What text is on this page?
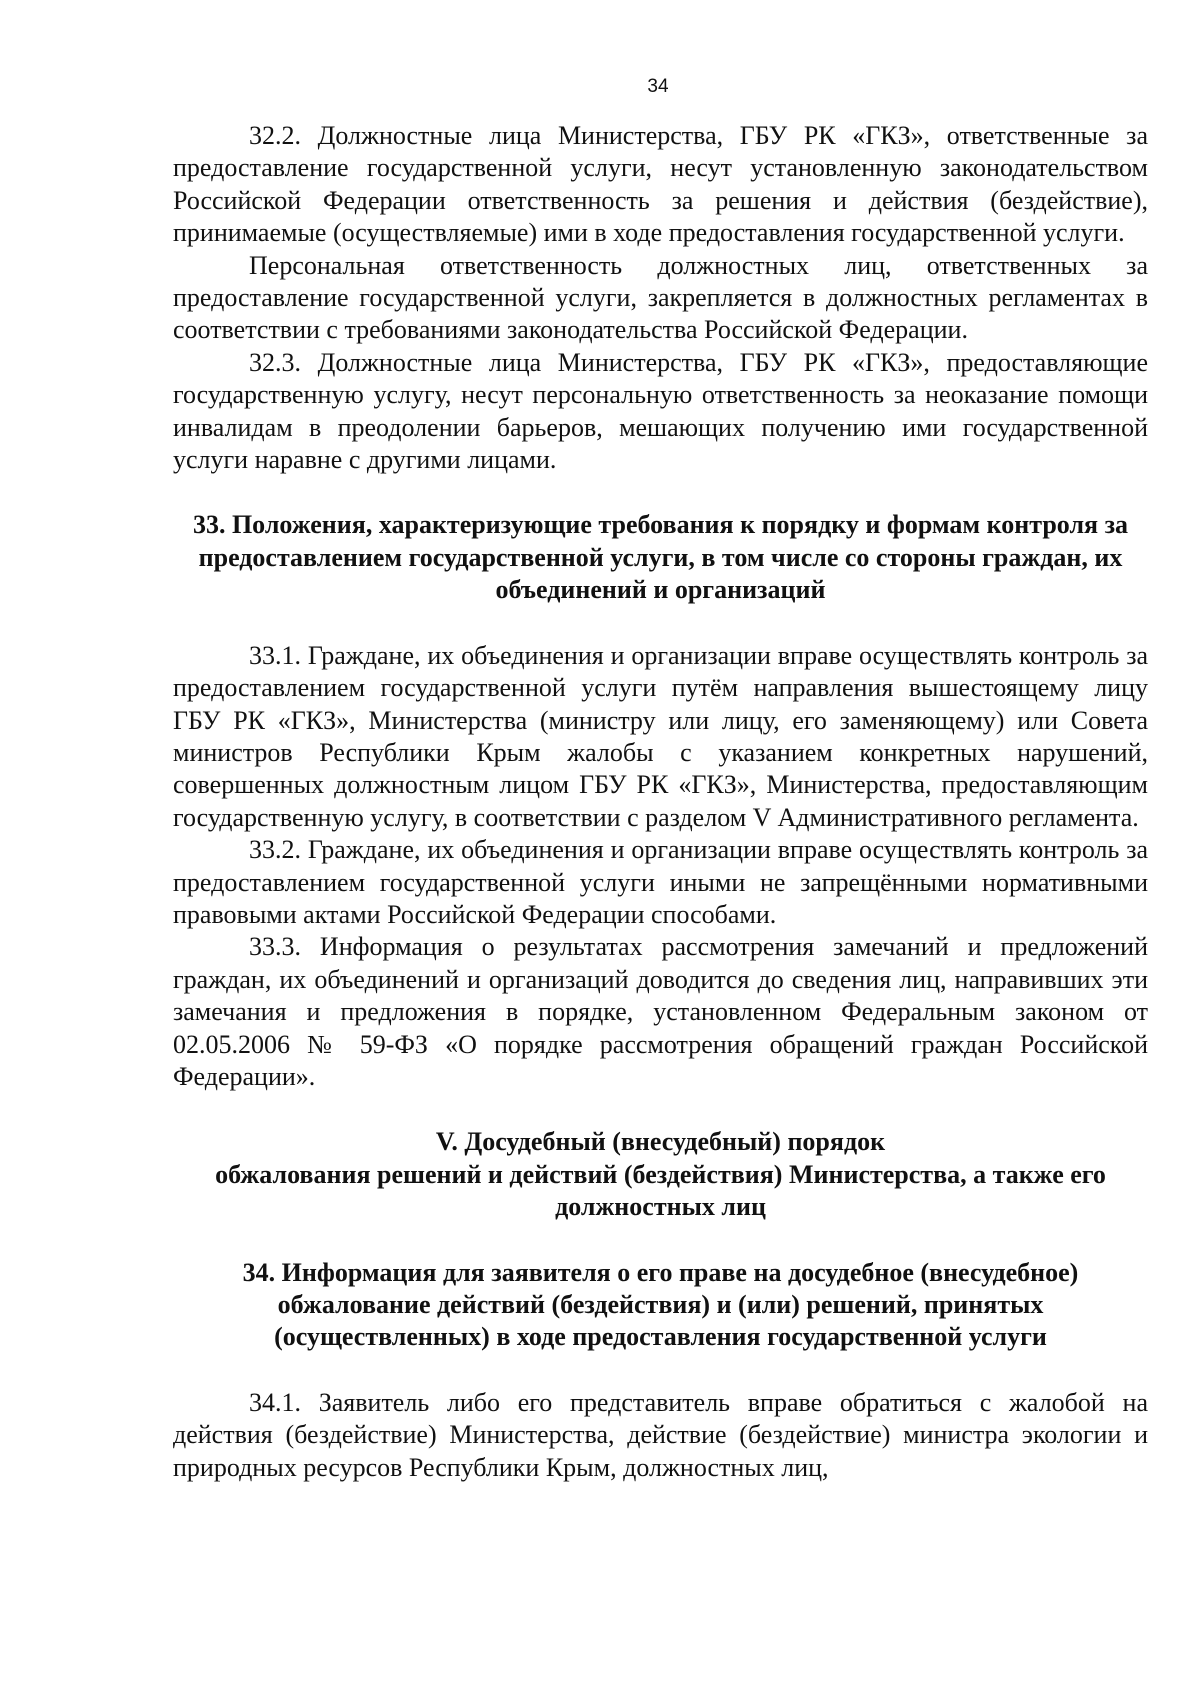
34

32.2. Должностные лица Министерства, ГБУ РК «ГКЗ», ответственные за предоставление государственной услуги, несут установленную законодательством Российской Федерации ответственность за решения и действия (бездействие), принимаемые (осуществляемые) ими в ходе предоставления государственной услуги.

Персональная ответственность должностных лиц, ответственных за предоставление государственной услуги, закрепляется в должностных регламентах в соответствии с требованиями законодательства Российской Федерации.

32.3. Должностные лица Министерства, ГБУ РК «ГКЗ», предоставляющие государственную услугу, несут персональную ответственность за неоказание помощи инвалидам в преодолении барьеров, мешающих получению ими государственной услуги наравне с другими лицами.

33. Положения, характеризующие требования к порядку и формам контроля за предоставлением государственной услуги, в том числе со стороны граждан, их объединений и организаций

33.1. Граждане, их объединения и организации вправе осуществлять контроль за предоставлением государственной услуги путём направления вышестоящему лицу ГБУ РК «ГКЗ», Министерства (министру или лицу, его заменяющему) или Совета министров Республики Крым жалобы с указанием конкретных нарушений, совершенных должностным лицом ГБУ РК «ГКЗ», Министерства, предоставляющим государственную услугу, в соответствии с разделом V Административного регламента.

33.2. Граждане, их объединения и организации вправе осуществлять контроль за предоставлением государственной услуги иными не запрещёнными нормативными правовыми актами Российской Федерации способами.

33.3. Информация о результатах рассмотрения замечаний и предложений граждан, их объединений и организаций доводится до сведения лиц, направивших эти замечания и предложения в порядке, установленном Федеральным законом от 02.05.2006 № 59-ФЗ «О порядке рассмотрения обращений граждан Российской Федерации».

V. Досудебный (внесудебный) порядок
обжалования решений и действий (бездействия) Министерства, а также его должностных лиц
34. Информация для заявителя о его праве на досудебное (внесудебное) обжалование действий (бездействия) и (или) решений, принятых (осуществленных) в ходе предоставления государственной услуги

34.1. Заявитель либо его представитель вправе обратиться с жалобой на действия (бездействие) Министерства, действие (бездействие) министра экологии и природных ресурсов Республики Крым, должностных лиц,
